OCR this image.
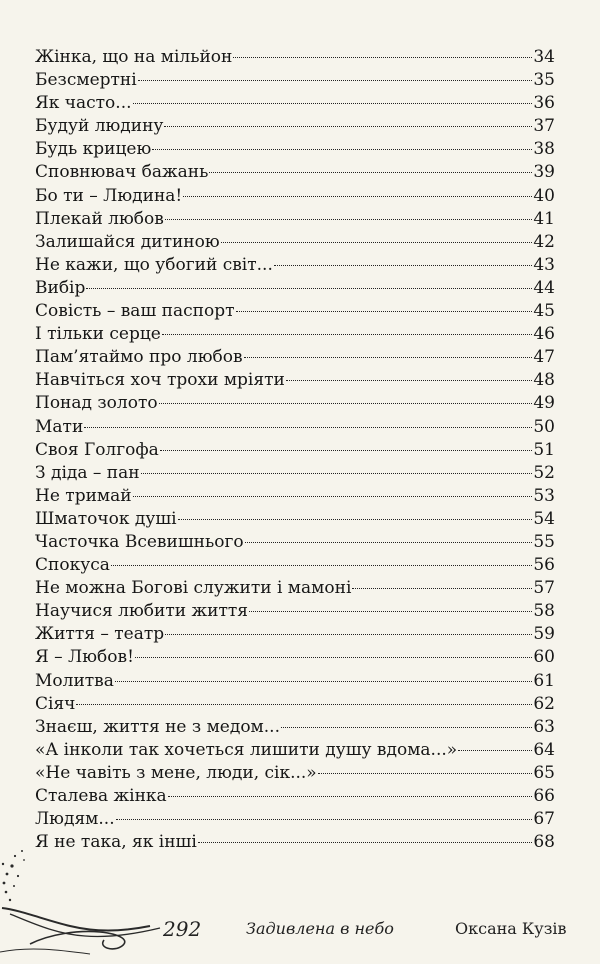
Жінка, що на мільйон	34
Безсмертні	35
Як часто...	36
Будуй людину	37
Будь крицею	38
Сповнювач бажань	39
Бо ти – Людина!	40
Плекай любов	41
Залишайся дитиною	42
Не кажи, що убогий світ...	43
Вибір	44
Совість – ваш паспорт	45
І тільки серце	46
Пам’ятаймо про любов	47
Навчіться хоч трохи мріяти	48
Понад золото	49
Мати	50
Своя Голгофа	51
З діда – пан	52
Не тримай	53
Шматочок душі	54
Часточка Всевишнього	55
Спокуса	56
Не можна Богові служити і мамоні	57
Научися любити життя	58
Життя – театр	59
Я – Любов!	60
Молитва	61
Сіяч	62
Знаєш, життя не з медом...	63
«А інколи так хочеться лишити душу вдома...»	64
«Не чавіть з мене, люди, сік...»	65
Сталева жінка	66
Людям...	67
Я не така, як інші	68
292	Задивлена в небо	Оксана Кузів
